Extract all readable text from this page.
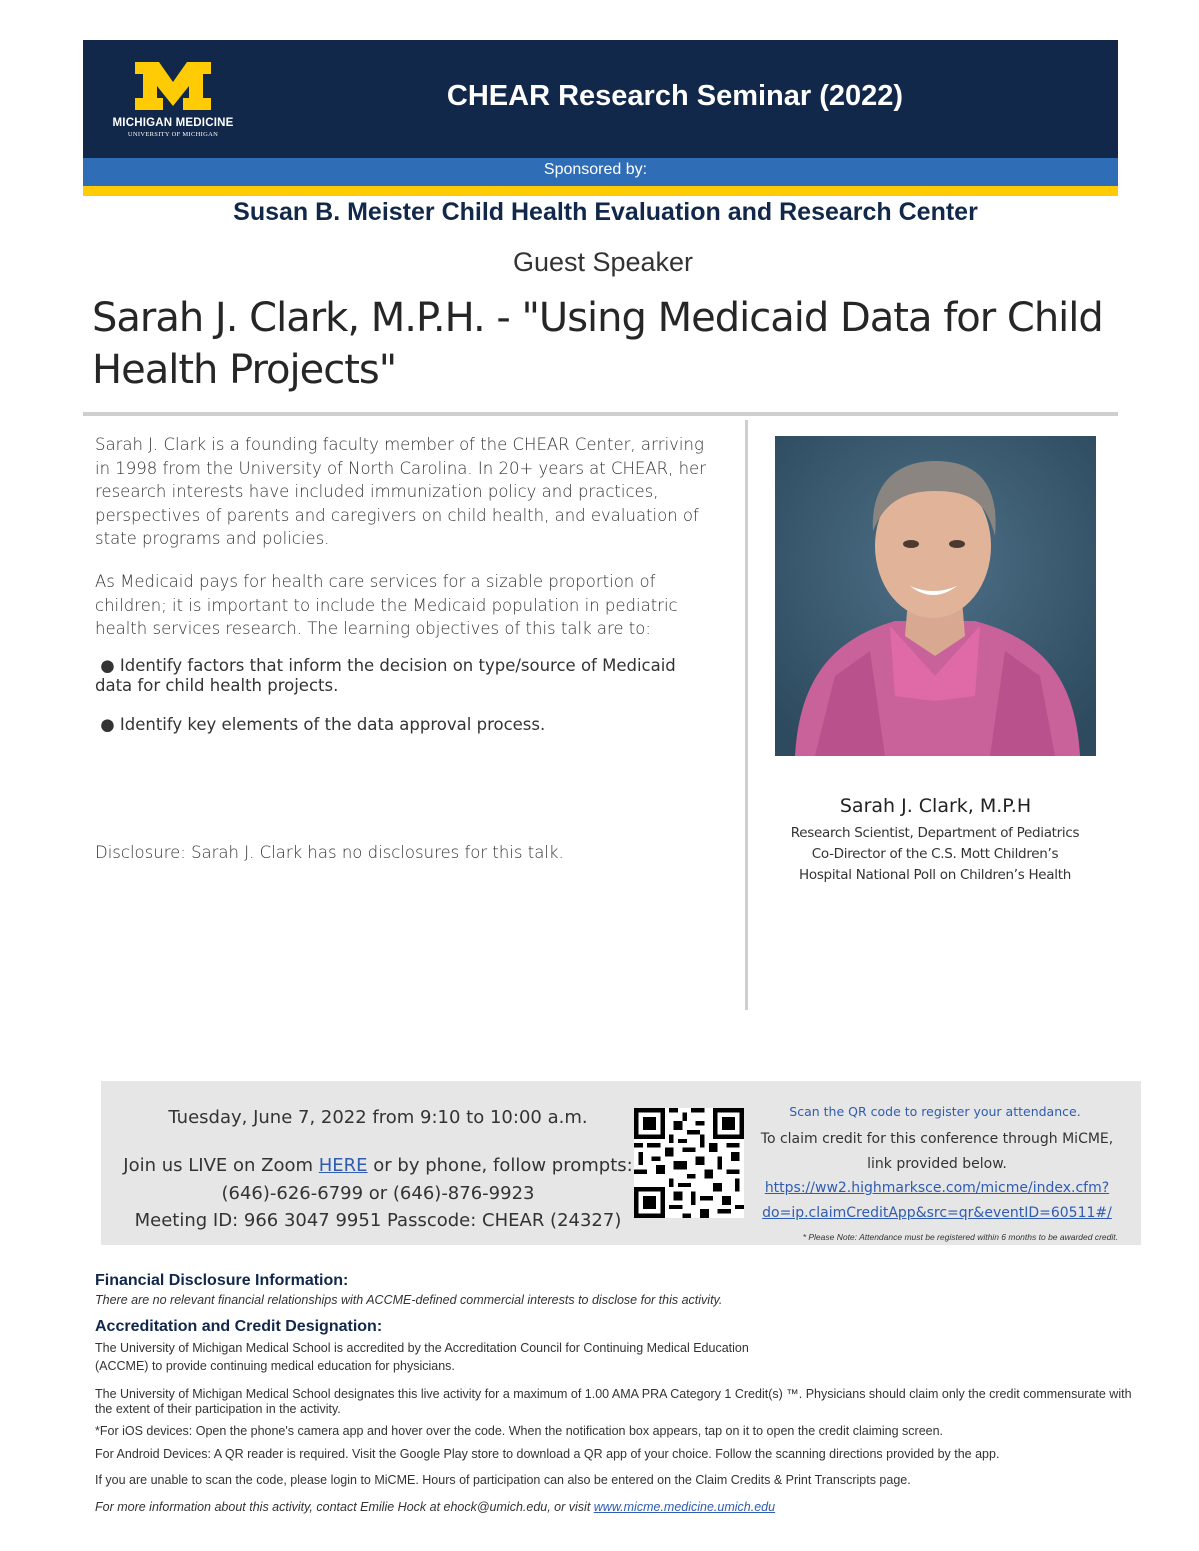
MICHIGAN MEDICINE
UNIVERSITY OF MICHIGAN
CHEAR Research Seminar (2022)
Sponsored by:
Susan B. Meister Child Health Evaluation and Research Center
Guest Speaker
Sarah J. Clark, M.P.H. - "Using Medicaid Data for Child Health Projects"
Sarah J. Clark is a founding faculty member of the CHEAR Center, arriving in 1998 from the University of North Carolina. In 20+ years at CHEAR, her research interests have included immunization policy and practices, perspectives of parents and caregivers on child health, and evaluation of state programs and policies.
As Medicaid pays for health care services for a sizable proportion of children; it is important to include the Medicaid population in pediatric health services research. The learning objectives of this talk are to:
● Identify factors that inform the decision on type/source of Medicaid data for child health projects.
● Identify key elements of the data approval process.
Disclosure: Sarah J. Clark has no disclosures for this talk.
Sarah J. Clark, M.P.H
Research Scientist, Department of Pediatrics
Co-Director of the C.S. Mott Children’s
Hospital National Poll on Children’s Health
Tuesday, June 7, 2022 from 9:10 to 10:00 a.m.
Join us LIVE on Zoom HERE or by phone, follow prompts:
(646)-626-6799 or (646)-876-9923
Meeting ID: 966 3047 9951 Passcode: CHEAR (24327)
Scan the QR code to register your attendance.
To claim credit for this conference through MiCME,
link provided below.
https://ww2.highmarksce.com/micme/index.cfm?
do=ip.claimCreditApp&src=qr&eventID=60511#/
* Please Note: Attendance must be registered within 6 months to be awarded credit.
Financial Disclosure Information:
There are no relevant financial relationships with ACCME-defined commercial interests to disclose for this activity.
Accreditation and Credit Designation:
The University of Michigan Medical School is accredited by the Accreditation Council for Continuing Medical Education
(ACCME) to provide continuing medical education for physicians.
The University of Michigan Medical School designates this live activity for a maximum of 1.00 AMA PRA Category 1 Credit(s) ™. Physicians should claim only the credit commensurate with the extent of their participation in the activity.
*For iOS devices: Open the phone's camera app and hover over the code. When the notification box appears, tap on it to open the credit claiming screen.
For Android Devices: A QR reader is required. Visit the Google Play store to download a QR app of your choice. Follow the scanning directions provided by the app.
If you are unable to scan the code, please login to MiCME. Hours of participation can also be entered on the Claim Credits & Print Transcripts page.
For more information about this activity, contact Emilie Hock at ehock@umich.edu, or visit www.micme.medicine.umich.edu
